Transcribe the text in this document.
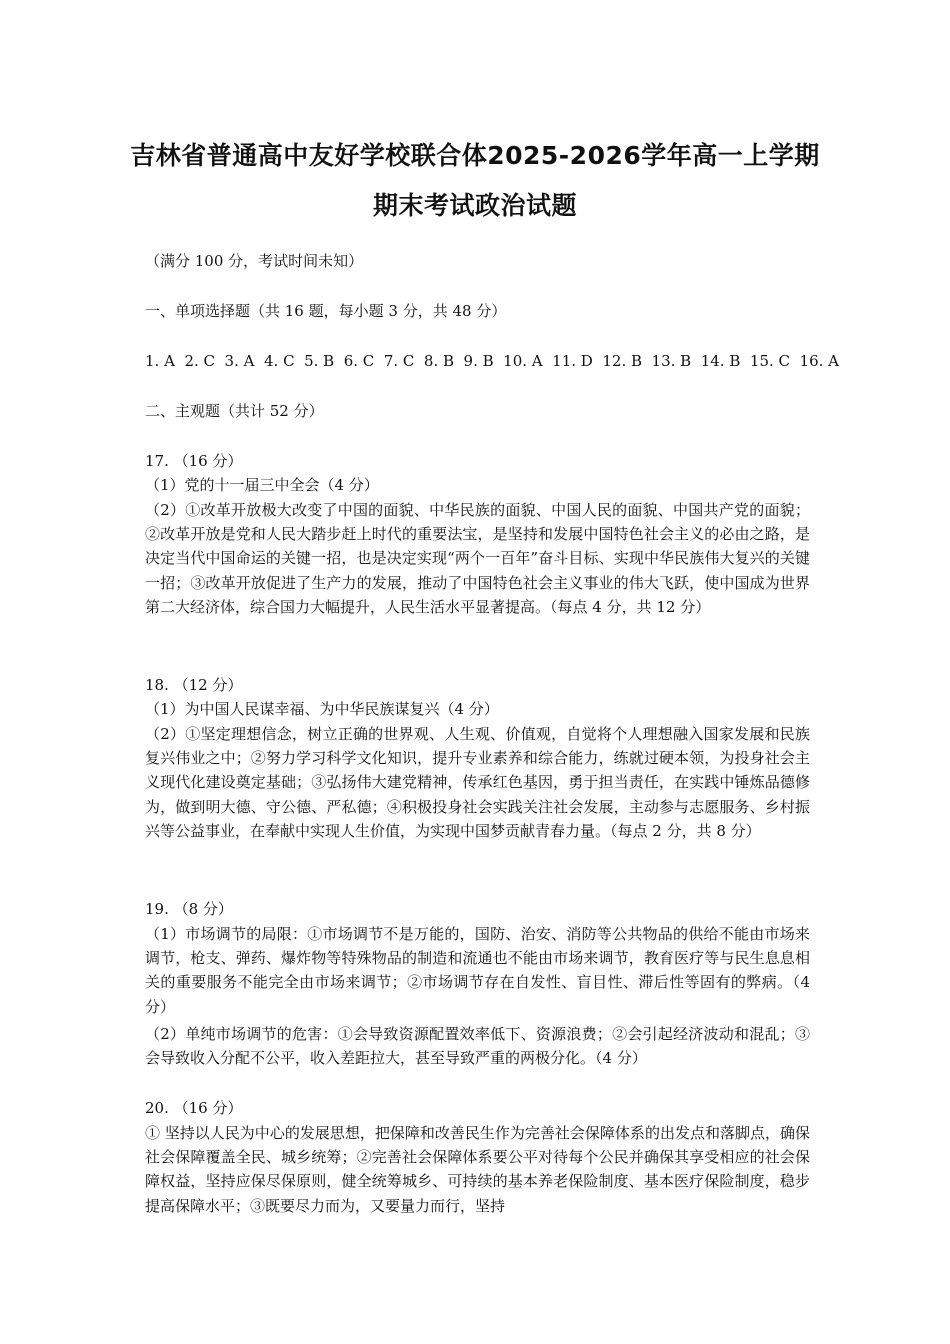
吉林省普通高中友好学校联合体2025-2026学年高一上学期
期末考试政治试题
（满分 100 分，考试时间未知）
一、单项选择题（共 16 题，每小题 3 分，共 48 分）
1. A  2. C  3. A  4. C  5. B  6. C  7. C  8. B  9. B  10. A  11. D  12. B  13. B  14. B  15. C  16. A
二、主观题（共计 52 分）
17. （16 分）
（1）党的十一届三中全会（4 分）
（2）①改革开放极大改变了中国的面貌、中华民族的面貌、中国人民的面貌、中国共产党的面貌；②改革开放是党和人民大踏步赶上时代的重要法宝，是坚持和发展中国特色社会主义的必由之路，是决定当代中国命运的关键一招，也是决定实现“两个一百年”奋斗目标、实现中华民族伟大复兴的关键一招；③改革开放促进了生产力的发展，推动了中国特色社会主义事业的伟大飞跃，使中国成为世界第二大经济体，综合国力大幅提升，人民生活水平显著提高。（每点 4 分，共 12 分）
18. （12 分）
（1）为中国人民谋幸福、为中华民族谋复兴（4 分）
（2）①坚定理想信念，树立正确的世界观、人生观、价值观，自觉将个人理想融入国家发展和民族复兴伟业之中；②努力学习科学文化知识，提升专业素养和综合能力，练就过硬本领，为投身社会主义现代化建设奠定基础；③弘扬伟大建党精神，传承红色基因，勇于担当责任，在实践中锤炼品德修为，做到明大德、守公德、严私德；④积极投身社会实践关注社会发展，主动参与志愿服务、乡村振兴等公益事业，在奉献中实现人生价值，为实现中国梦贡献青春力量。（每点 2 分，共 8 分）
19. （8 分）
（1）市场调节的局限：①市场调节不是万能的，国防、治安、消防等公共物品的供给不能由市场来调节，枪支、弹药、爆炸物等特殊物品的制造和流通也不能由市场来调节，教育医疗等与民生息息相关的重要服务不能完全由市场来调节；②市场调节存在自发性、盲目性、滞后性等固有的弊病。（4 分）
（2）单纯市场调节的危害：①会导致资源配置效率低下、资源浪费；②会引起经济波动和混乱；③会导致收入分配不公平，收入差距拉大，甚至导致严重的两极分化。（4 分）
20. （16 分）
① 坚持以人民为中心的发展思想，把保障和改善民生作为完善社会保障体系的出发点和落脚点，确保社会保障覆盖全民、城乡统筹；②完善社会保障体系要公平对待每个公民并确保其享受相应的社会保障权益，坚持应保尽保原则，健全统筹城乡、可持续的基本养老保险制度、基本医疗保险制度，稳步提高保障水平；③既要尽力而为，又要量力而行，坚持
